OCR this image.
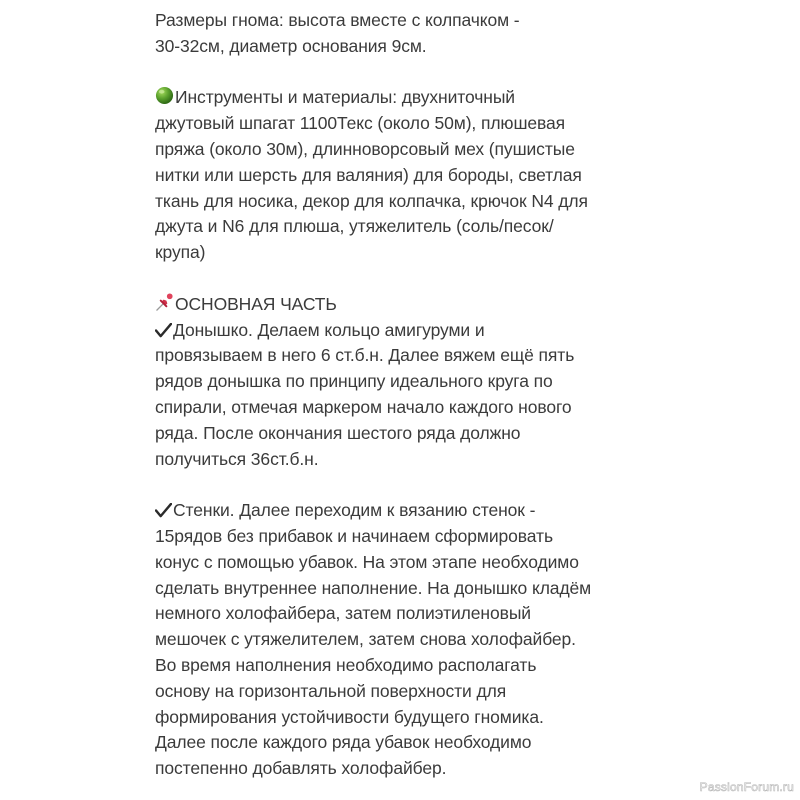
Размеры гнома: высота вместе с колпачком -
30-32см, диаметр основания 9см.
Инструменты и материалы: двухниточный
джутовый шпагат 1100Текс (около 50м), плюшевая
пряжа (около 30м), длинноворсовый мех (пушистые
нитки или шерсть для валяния) для бороды, светлая
ткань для носика, декор для колпачка, крючок N4 для
джута и N6 для плюша, утяжелитель (соль/песок/
крупа)
ОСНОВНАЯ ЧАСТЬ
Донышко. Делаем кольцо амигуруми и
провязываем в него 6 ст.б.н. Далее вяжем ещё пять
рядов донышка по принципу идеального круга по
спирали, отмечая маркером начало каждого нового
ряда. После окончания шестого ряда должно
получиться 36ст.б.н.
Стенки. Далее переходим к вязанию стенок -
15рядов без прибавок и начинаем сформировать
конус с помощью убавок. На этом этапе необходимо
сделать внутреннее наполнение. На донышко кладём
немного холофайбера, затем полиэтиленовый
мешочек с утяжелителем, затем снова холофайбер.
Во время наполнения необходимо располагать
основу на горизонтальной поверхности для
формирования устойчивости будущего гномика.
Далее после каждого ряда убавок необходимо
постепенно добавлять холофайбер.
PassionForum.ru
